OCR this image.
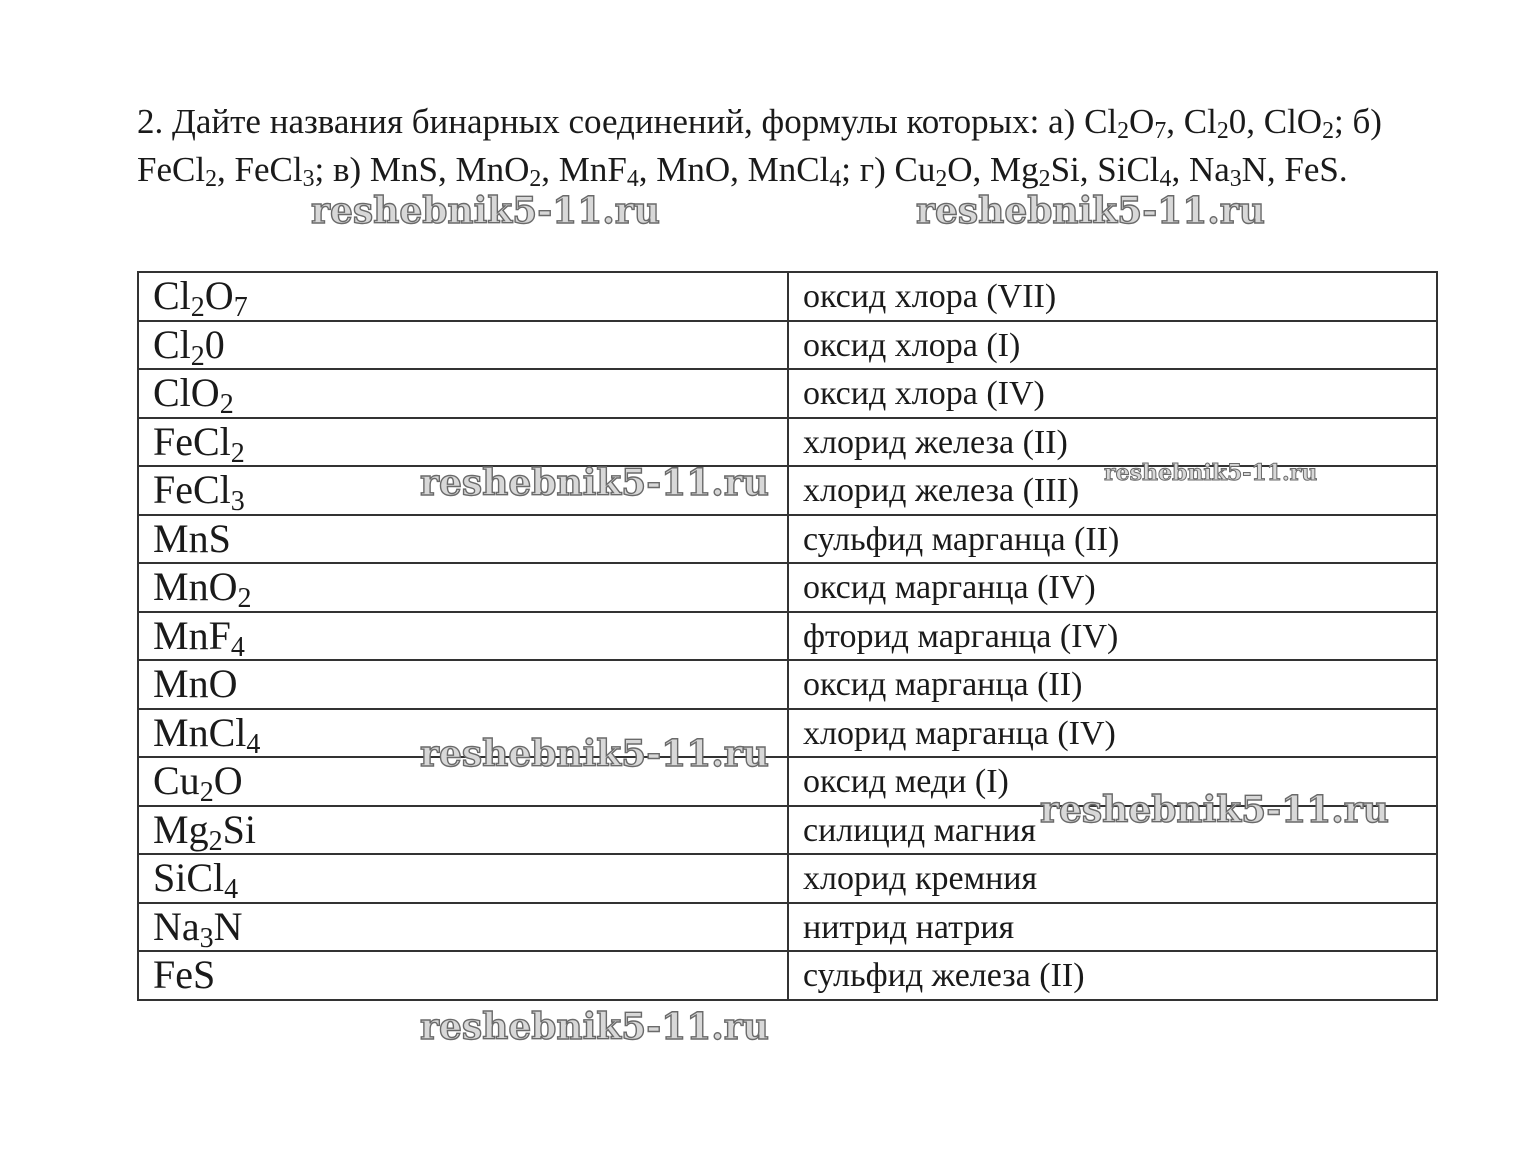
2. Дайте названия бинарных соединений, формулы которых: а) $Cl_2O_7$, $Cl_20$, ClO$_2$; б) FeCl$_2$, FeCl$_3$; в) MnS, MnO$_2$, MnF$_4$, MnO, MnCl$_4$; г) $Cu_2O$, $Mg_2Si$, SiCl$_4$, $Na_3N$, FeS.

$Cl_2O_7$	оксид хлора (VII)
$Cl_20$	оксид хлора (I)
ClO$_2$	оксид хлора (IV)
FeCl$_2$	хлорид железа (II)
FeCl$_3$	хлорид железа (III)
MnS	сульфид марганца (II)
MnO$_2$	оксид марганца (IV)
MnF$_4$	фторид марганца (IV)
MnO	оксид марганца (II)
MnCl$_4$	хлорид марганца (IV)
$Cu_2O$	оксид меди (I)
$Mg_2Si$	силицид магния
SiCl$_4$	хлорид кремния
$Na_3N$	нитрид натрия
FeS	сульфид железа (II)
reshebnik5-11.ru	reshebnik5-11.ru
reshebnik5-11.ru	reshebnik5-11.ru
reshebnik5-11.ru
reshebnik5-11.ru
reshebnik5-11.ru
